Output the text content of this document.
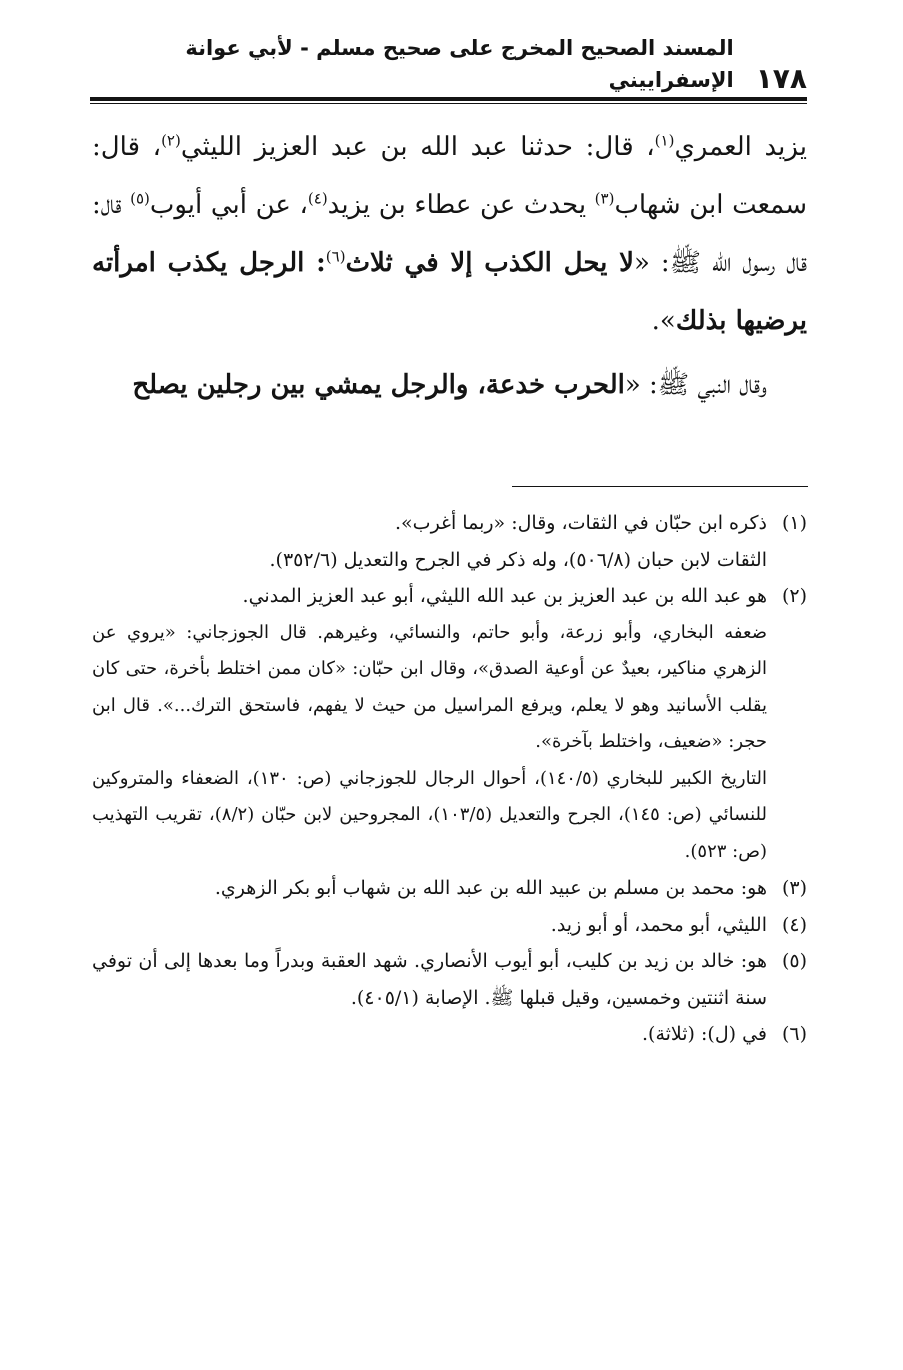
١٧٨
المسند الصحيح المخرج على صحيح مسلم - لأبي عوانة الإسفراييني

يزيد العمري$^{(١)}$، قال: حدثنا عبد الله بن عبد العزيز الليثي$^{(٢)}$، قال: سمعت ابن شهاب$^{(٣)}$ يحدث عن عطاء بن يزيد$^{(٤)}$، عن أبي أيوب$^{(٥)}$ قال: قال رسول الله ﷺ: «لا يحل الكذب إلا في ثلاث$^{(٦)}$: الرجل يكذب امرأته يرضيها بذلك».

وقال النبي ﷺ: «الحرب خدعة، والرجل يمشي بين رجلين يصلح

(١)
ذكره ابن حبّان في الثقات، وقال: «ربما أغرب».
الثقات لابن حبان (٥٠٦/٨)، وله ذكر في الجرح والتعديل (٣٥٢/٦).
(٢)
هو عبد الله بن عبد العزيز بن عبد الله الليثي، أبو عبد العزيز المدني.
ضعفه البخاري، وأبو زرعة، وأبو حاتم، والنسائي، وغيرهم. قال الجوزجاني: «يروي عن الزهري مناكير، بعيدٌ عن أوعية الصدق»، وقال ابن حبّان: «كان ممن اختلط بأخرة، حتى كان يقلب الأسانيد وهو لا يعلم، ويرفع المراسيل من حيث لا يفهم، فاستحق الترك...». قال ابن حجر: «ضعيف، واختلط بآخرة».
التاريخ الكبير للبخاري (١٤٠/٥)، أحوال الرجال للجوزجاني (ص: ١٣٠)، الضعفاء والمتروكين للنسائي (ص: ١٤٥)، الجرح والتعديل (١٠٣/٥)، المجروحين لابن حبّان (٨/٢)، تقريب التهذيب (ص: ٥٢٣).
(٣)
هو: محمد بن مسلم بن عبيد الله بن عبد الله بن شهاب أبو بكر الزهري.
(٤)
الليثي، أبو محمد، أو أبو زيد.
(٥)
هو: خالد بن زيد بن كليب، أبو أيوب الأنصاري. شهد العقبة وبدراً وما بعدها إلى أن توفي سنة اثنتين وخمسين، وقيل قبلها ﷺ. الإصابة (٤٠٥/١).
(٦)
في (ل): (ثلاثة).
